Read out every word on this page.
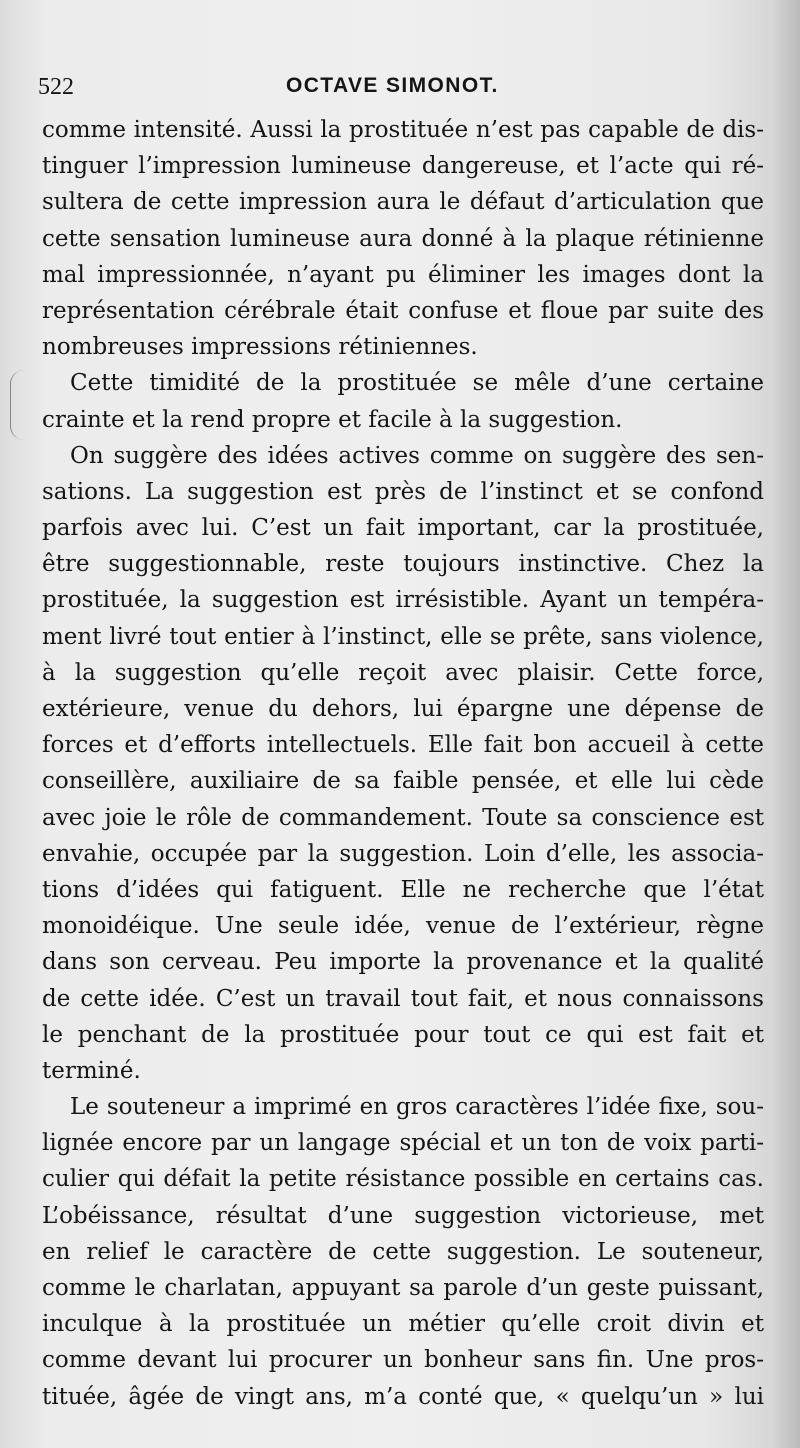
522	OCTAVE SIMONOT.
comme intensité. Aussi la prostituée n’est pas capable de dis-
tinguer l’impression lumineuse dangereuse, et l’acte qui ré-
sultera de cette impression aura le défaut d’articulation que
cette sensation lumineuse aura donné à la plaque rétinienne
mal impressionnée, n’ayant pu éliminer les images dont la
représentation cérébrale était confuse et floue par suite des
nombreuses impressions rétiniennes.
Cette timidité de la prostituée se mêle d’une certaine
crainte et la rend propre et facile à la suggestion.
On suggère des idées actives comme on suggère des sen-
sations. La suggestion est près de l’instinct et se confond
parfois avec lui. C’est un fait important, car la prostituée,
être suggestionnable, reste toujours instinctive. Chez la
prostituée, la suggestion est irrésistible. Ayant un tempéra-
ment livré tout entier à l’instinct, elle se prête, sans violence,
à la suggestion qu’elle reçoit avec plaisir. Cette force,
extérieure, venue du dehors, lui épargne une dépense de
forces et d’efforts intellectuels. Elle fait bon accueil à cette
conseillère, auxiliaire de sa faible pensée, et elle lui cède
avec joie le rôle de commandement. Toute sa conscience est
envahie, occupée par la suggestion. Loin d’elle, les associa-
tions d’idées qui fatiguent. Elle ne recherche que l’état
monoidéique. Une seule idée, venue de l’extérieur, règne
dans son cerveau. Peu importe la provenance et la qualité
de cette idée. C’est un travail tout fait, et nous connaissons
le penchant de la prostituée pour tout ce qui est fait et
terminé.
Le souteneur a imprimé en gros caractères l’idée fixe, sou-
lignée encore par un langage spécial et un ton de voix parti-
culier qui défait la petite résistance possible en certains cas.
L’obéissance, résultat d’une suggestion victorieuse, met
en relief le caractère de cette suggestion. Le souteneur,
comme le charlatan, appuyant sa parole d’un geste puissant,
inculque à la prostituée un métier qu’elle croit divin et
comme devant lui procurer un bonheur sans fin. Une pros-
tituée, âgée de vingt ans, m’a conté que, « quelqu’un » lui
